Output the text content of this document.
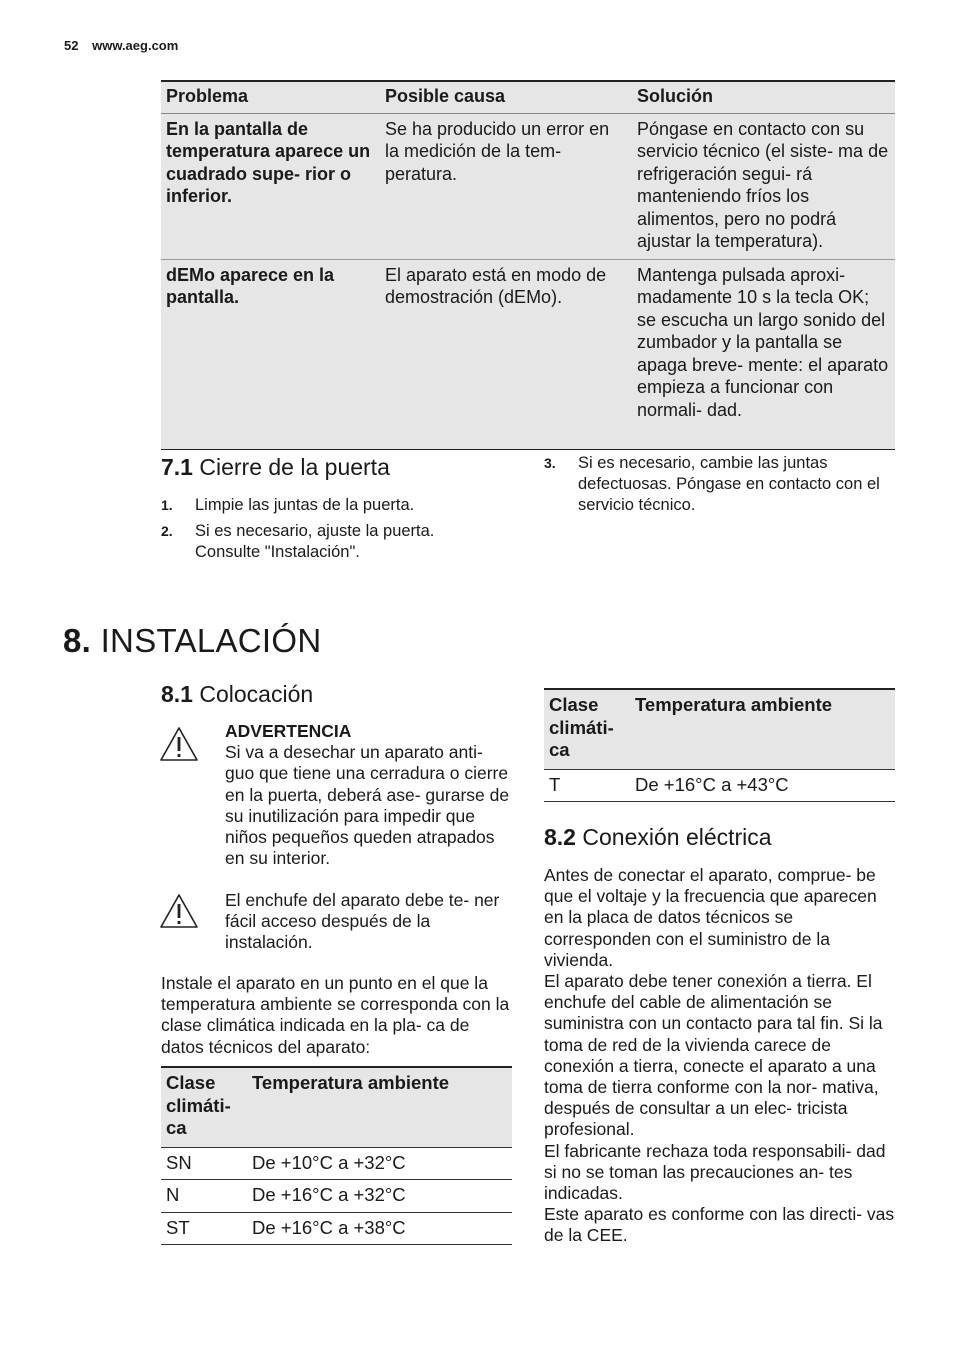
52 www.aeg.com
Problema	Posible causa	Solución
En la pantalla de temperatura aparece un cuadrado supe- rior o inferior.	Se ha producido un error en la medición de la tem- peratura.	Póngase en contacto con su servicio técnico (el siste- ma de refrigeración segui- rá manteniendo fríos los alimentos, pero no podrá ajustar la temperatura).
dEMo aparece en la pantalla.	El aparato está en modo de demostración (dEMo).	Mantenga pulsada aproxi- madamente 10 s la tecla OK; se escucha un largo sonido del zumbador y la pantalla se apaga breve- mente: el aparato empieza a funcionar con normali- dad.
7.1 Cierre de la puerta
1. Limpie las juntas de la puerta.
2. Si es necesario, ajuste la puerta. Consulte "Instalación".
3. Si es necesario, cambie las juntas defectuosas. Póngase en contacto con el servicio técnico.
8. INSTALACIÓN
8.1 Colocación
ADVERTENCIA
Si va a desechar un aparato anti- guo que tiene una cerradura o cierre en la puerta, deberá ase- gurarse de su inutilización para impedir que niños pequeños queden atrapados en su interior.
El enchufe del aparato debe te- ner fácil acceso después de la instalación.
Instale el aparato en un punto en el que la temperatura ambiente se corresponda con la clase climática indicada en la pla- ca de datos técnicos del aparato:
Clase climáti- ca	Temperatura ambiente
SN	De +10°C a +32°C
N	De +16°C a +32°C
ST	De +16°C a +38°C
Clase climáti- ca	Temperatura ambiente
T	De +16°C a +43°C
8.2 Conexión eléctrica
Antes de conectar el aparato, comprue- be que el voltaje y la frecuencia que aparecen en la placa de datos técnicos se corresponden con el suministro de la vivienda.
El aparato debe tener conexión a tierra. El enchufe del cable de alimentación se suministra con un contacto para tal fin. Si la toma de red de la vivienda carece de conexión a tierra, conecte el aparato a una toma de tierra conforme con la nor- mativa, después de consultar a un elec- tricista profesional.
El fabricante rechaza toda responsabili- dad si no se toman las precauciones an- tes indicadas.
Este aparato es conforme con las directi- vas de la CEE.
